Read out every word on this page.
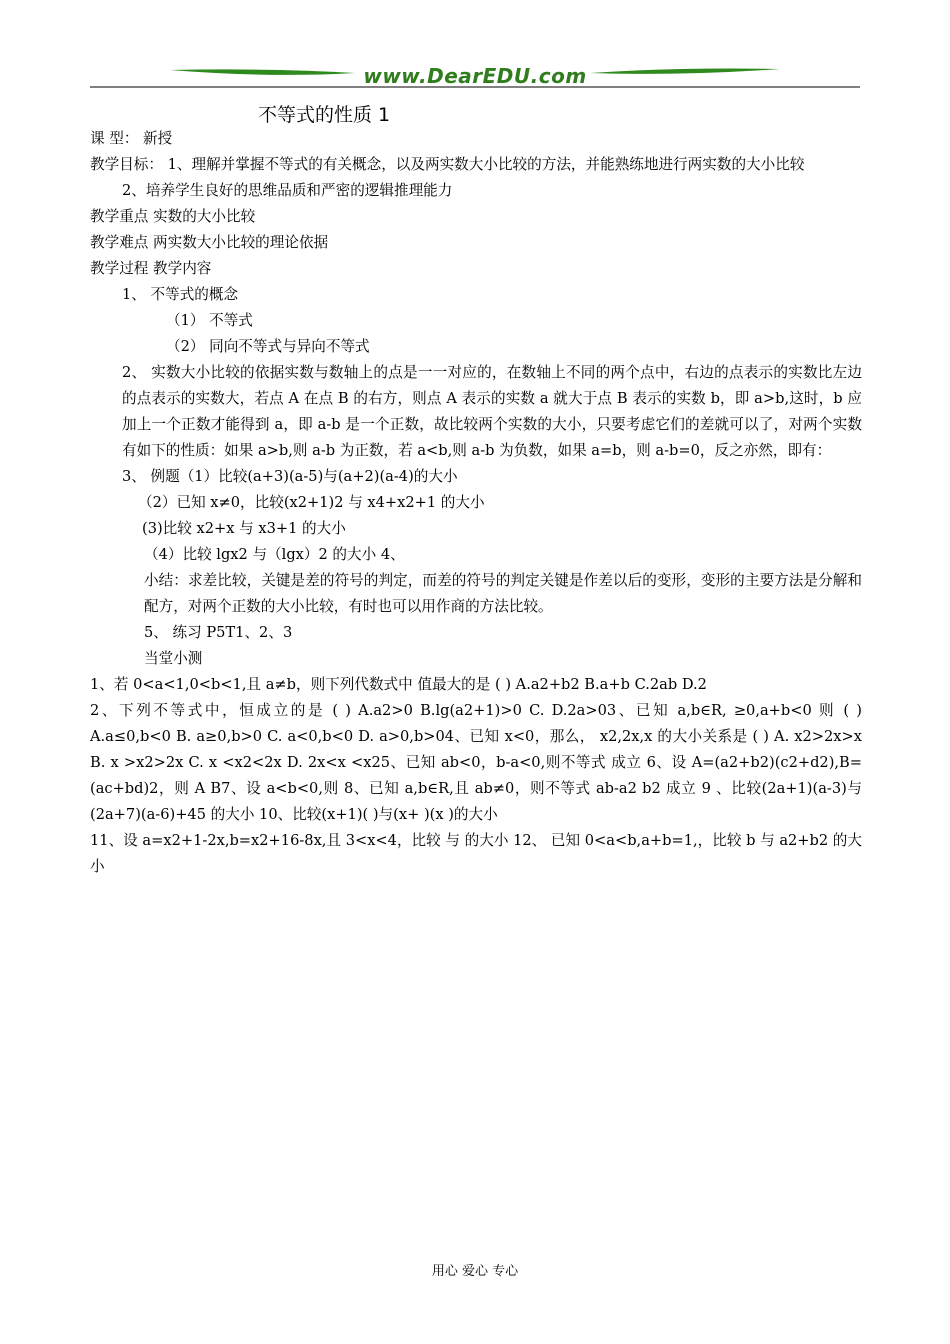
www.DearEDU.com
不等式的性质 1

课 型： 新授

教学目标： 1、理解并掌握不等式的有关概念，以及两实数大小比较的方法，并能熟练地进行两实数的大小比较

2、培养学生良好的思维品质和严密的逻辑推理能力

教学重点 实数的大小比较

教学难点 两实数大小比较的理论依据

教学过程 教学内容

1、 不等式的概念

（1） 不等式

（2） 同向不等式与异向不等式

2、 实数大小比较的依据实数与数轴上的点是一一对应的，在数轴上不同的两个点中，右边的点表示的实数比左边的点表示的实数大，若点 A 在点 B 的右方，则点 A 表示的实数 a 就大于点 B 表示的实数 b，即 a>b,这时，b 应加上一个正数才能得到 a，即 a-b 是一个正数，故比较两个实数的大小，只要考虑它们的差就可以了，对两个实数有如下的性质：如果 a>b,则 a-b 为正数，若 a<b,则 a-b 为负数，如果 a=b，则 a-b=0，反之亦然，即有：

3、 例题（1）比较(a+3)(a-5)与(a+2)(a-4)的大小

（2）已知 x≠0，比较(x2+1)2 与 x4+x2+1 的大小

(3)比较 x2+x 与 x3+1 的大小

（4）比较 lgx2 与（lgx）2 的大小 4、

小结：求差比较，关键是差的符号的判定，而差的符号的判定关键是作差以后的变形，变形的主要方法是分解和配方，对两个正数的大小比较，有时也可以用作商的方法比较。

5、 练习 P5T1、2、3

当堂小测

1、若 0<a<1,0<b<1,且 a≠b，则下列代数式中 值最大的是 ( ) A.a2+b2 B.a+b C.2ab D.2

2、下列不等式中，恒成立的是 ( ) A.a2>0 B.lg(a2+1)>0 C. D.2a>03、已知 a,b∈R, ≥0,a+b<0 则 ( ) A.a≤0,b<0 B. a≥0,b>0 C. a<0,b<0 D. a>0,b>04、已知 x<0，那么， x2,2x,x 的大小关系是 ( ) A. x2>2x>x B. x >x2>2x C. x <x2<2x D. 2x<x <x25、已知 ab<0，b-a<0,则不等式 成立 6、设 A=(a2+b2)(c2+d2),B=(ac+bd)2，则 A B7、设 a<b<0,则 8、已知 a,b∈R,且 ab≠0，则不等式 ab-a2 b2 成立 9 、比较(2a+1)(a-3)与(2a+7)(a-6)+45 的大小 10、比较(x+1)( )与(x+ )(x )的大小

11、设 a=x2+1-2x,b=x2+16-8x,且 3<x<4，比较 与 的大小 12、 已知 0<a<b,a+b=1,，比较 b 与 a2+b2 的大小

用心 爱心 专心
